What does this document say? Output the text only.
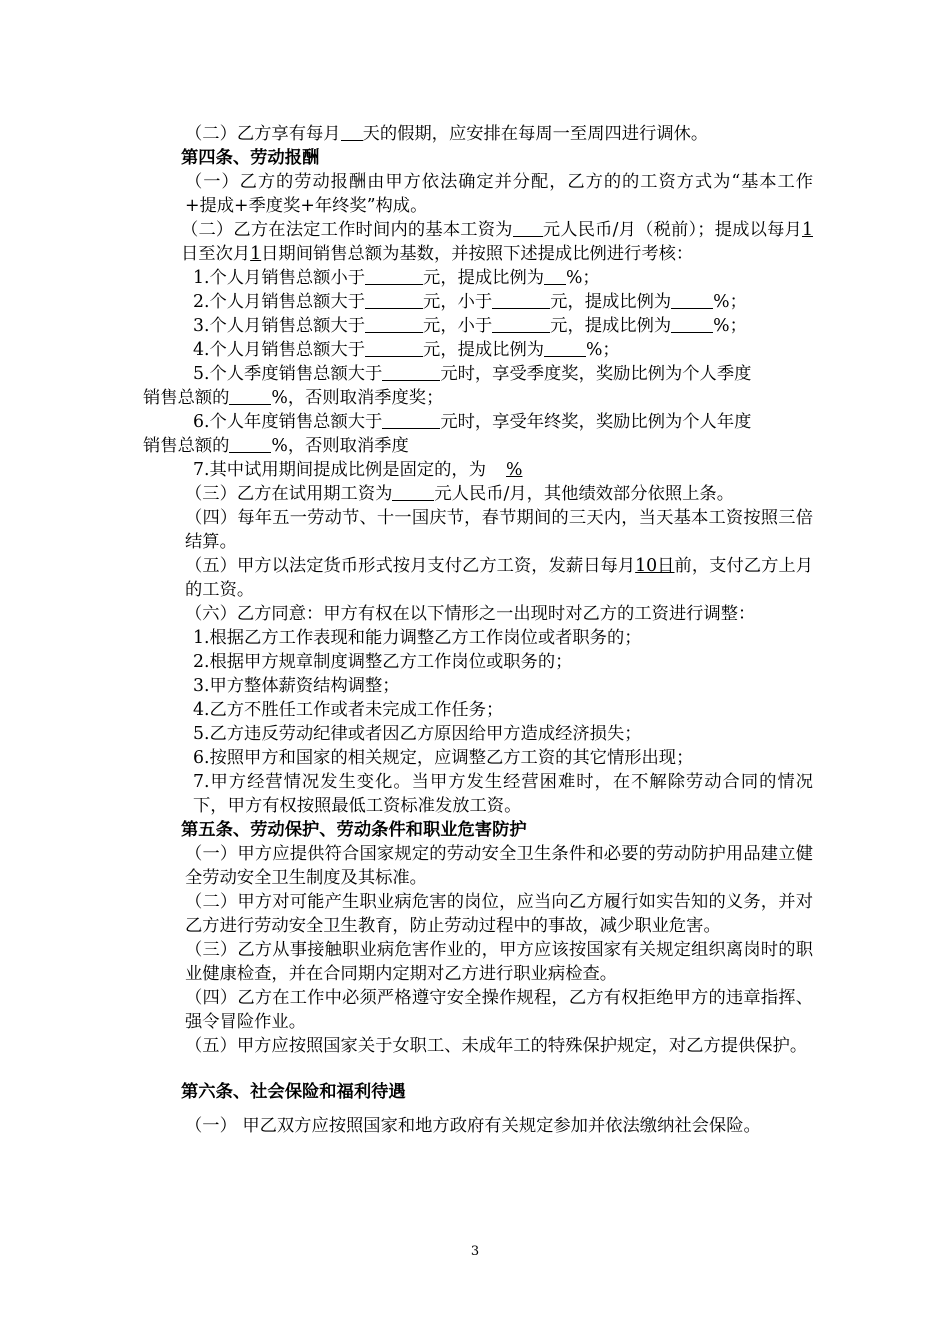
（二）乙方享有每月 天的假期，应安排在每周一至周四进行调休。
第四条、劳动报酬
（一）乙方的劳动报酬由甲方依法确定并分配，乙方的的工资方式为“基本工作+提成+季度奖+年终奖”构成。
（二）乙方在法定工作时间内的基本工资为 元人民币/月（税前）；提成以每月1日至次月1日期间销售总额为基数，并按照下述提成比例进行考核：
1.个人月销售总额小于	元，提成比例为 %；
2.个人月销售总额大于	元，小于	元，提成比例为 %；
3.个人月销售总额大于	元，小于	元，提成比例为 %；
4.个人月销售总额大于	元，提成比例为 %；
5.个人季度销售总额大于	元时，享受季度奖，奖励比例为个人季度
销售总额的 %，否则取消季度奖；
6.个人年度销售总额大于	元时，享受年终奖，奖励比例为个人年度
销售总额的 %，否则取消季度
7.其中试用期间提成比例是固定的，为 %
（三）乙方在试用期工资为 元人民币/月，其他绩效部分依照上条。
（四）每年五一劳动节、十一国庆节，春节期间的三天内，当天基本工资按照三倍结算。
（五）甲方以法定货币形式按月支付乙方工资，发薪日每月10日前，支付乙方上月的工资。
（六）乙方同意：甲方有权在以下情形之一出现时对乙方的工资进行调整：
1.根据乙方工作表现和能力调整乙方工作岗位或者职务的；
2.根据甲方规章制度调整乙方工作岗位或职务的；
3.甲方整体薪资结构调整；
4.乙方不胜任工作或者未完成工作任务；
5.乙方违反劳动纪律或者因乙方原因给甲方造成经济损失；
6.按照甲方和国家的相关规定，应调整乙方工资的其它情形出现；
7.甲方经营情况发生变化。当甲方发生经营困难时，在不解除劳动合同的情况下，甲方有权按照最低工资标准发放工资。
第五条、劳动保护、劳动条件和职业危害防护
（一）甲方应提供符合国家规定的劳动安全卫生条件和必要的劳动防护用品建立健全劳动安全卫生制度及其标准。
（二）甲方对可能产生职业病危害的岗位，应当向乙方履行如实告知的义务，并对乙方进行劳动安全卫生教育，防止劳动过程中的事故，减少职业危害。
（三）乙方从事接触职业病危害作业的，甲方应该按国家有关规定组织离岗时的职业健康检查，并在合同期内定期对乙方进行职业病检查。
（四）乙方在工作中必须严格遵守安全操作规程，乙方有权拒绝甲方的违章指挥、强令冒险作业。
（五）甲方应按照国家关于女职工、未成年工的特殊保护规定，对乙方提供保护。
第六条、社会保险和福利待遇
（一） 甲乙双方应按照国家和地方政府有关规定参加并依法缴纳社会保险。
3
